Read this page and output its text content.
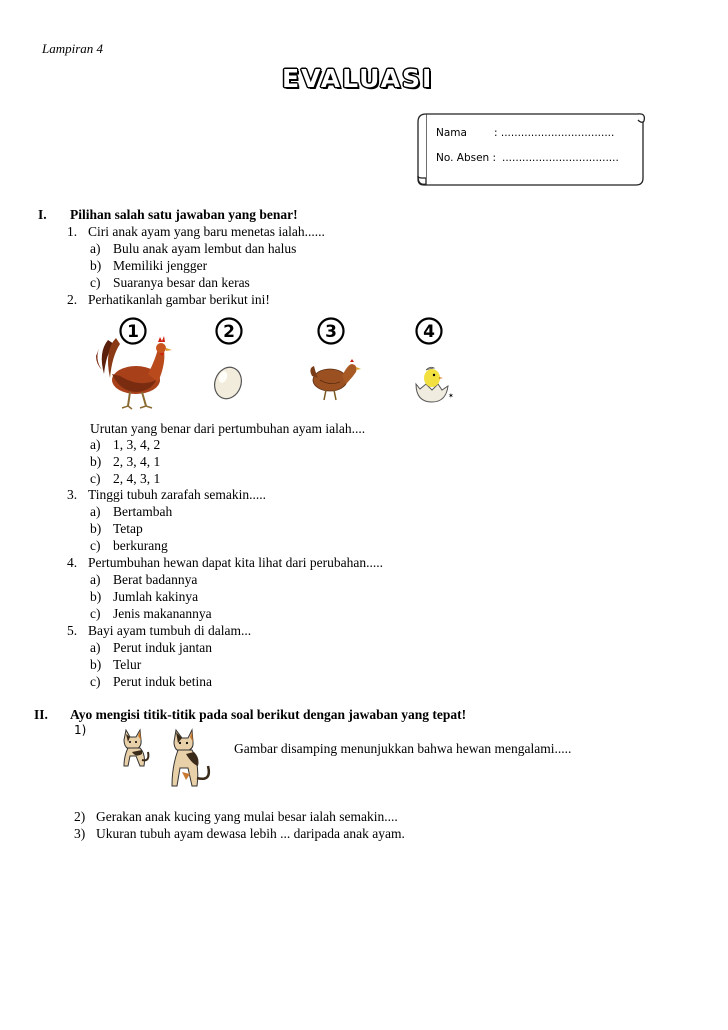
Lampiran 4
EVALUASI
Nama	: ..................................
No. Absen : ...................................
I. Pilihan salah satu jawaban yang benar!
1. Ciri anak ayam yang baru menetas ialah......
a) Bulu anak ayam lembut dan halus
b) Memiliki jengger
c) Suaranya besar dan keras
2. Perhatikanlah gambar berikut ini!
1	2	3	4
✶
Urutan yang benar dari pertumbuhan ayam ialah....
a) 1, 3, 4, 2
b) 2, 3, 4, 1
c) 2, 4, 3, 1
3. Tinggi tubuh zarafah semakin.....
a) Bertambah
b) Tetap
c) berkurang
4. Pertumbuhan hewan dapat kita lihat dari perubahan.....
a) Berat badannya
b) Jumlah kakinya
c) Jenis makanannya
5. Bayi ayam tumbuh di dalam...
a) Perut induk jantan
b) Telur
c) Perut induk betina
II. Ayo mengisi titik-titik pada soal berikut dengan jawaban yang tepat!
1)
Gambar disamping menunjukkan bahwa hewan mengalami.....
2) Gerakan anak kucing yang mulai besar ialah semakin....
3) Ukuran tubuh ayam dewasa lebih ... daripada anak ayam.
